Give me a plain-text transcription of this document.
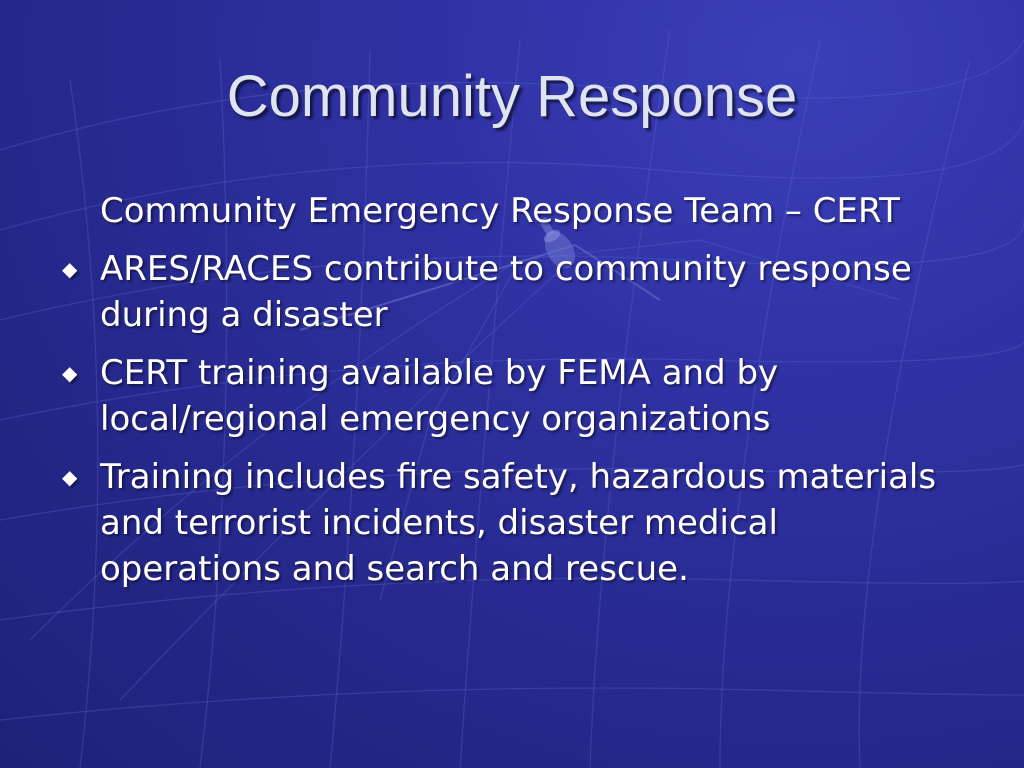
Community Response
Community Emergency Response Team – CERT
◆ ARES/RACES contribute to community response during a disaster
◆ CERT training available by FEMA and by local/regional emergency organizations
◆ Training includes fire safety, hazardous materials and terrorist incidents, disaster medical operations and search and rescue.
